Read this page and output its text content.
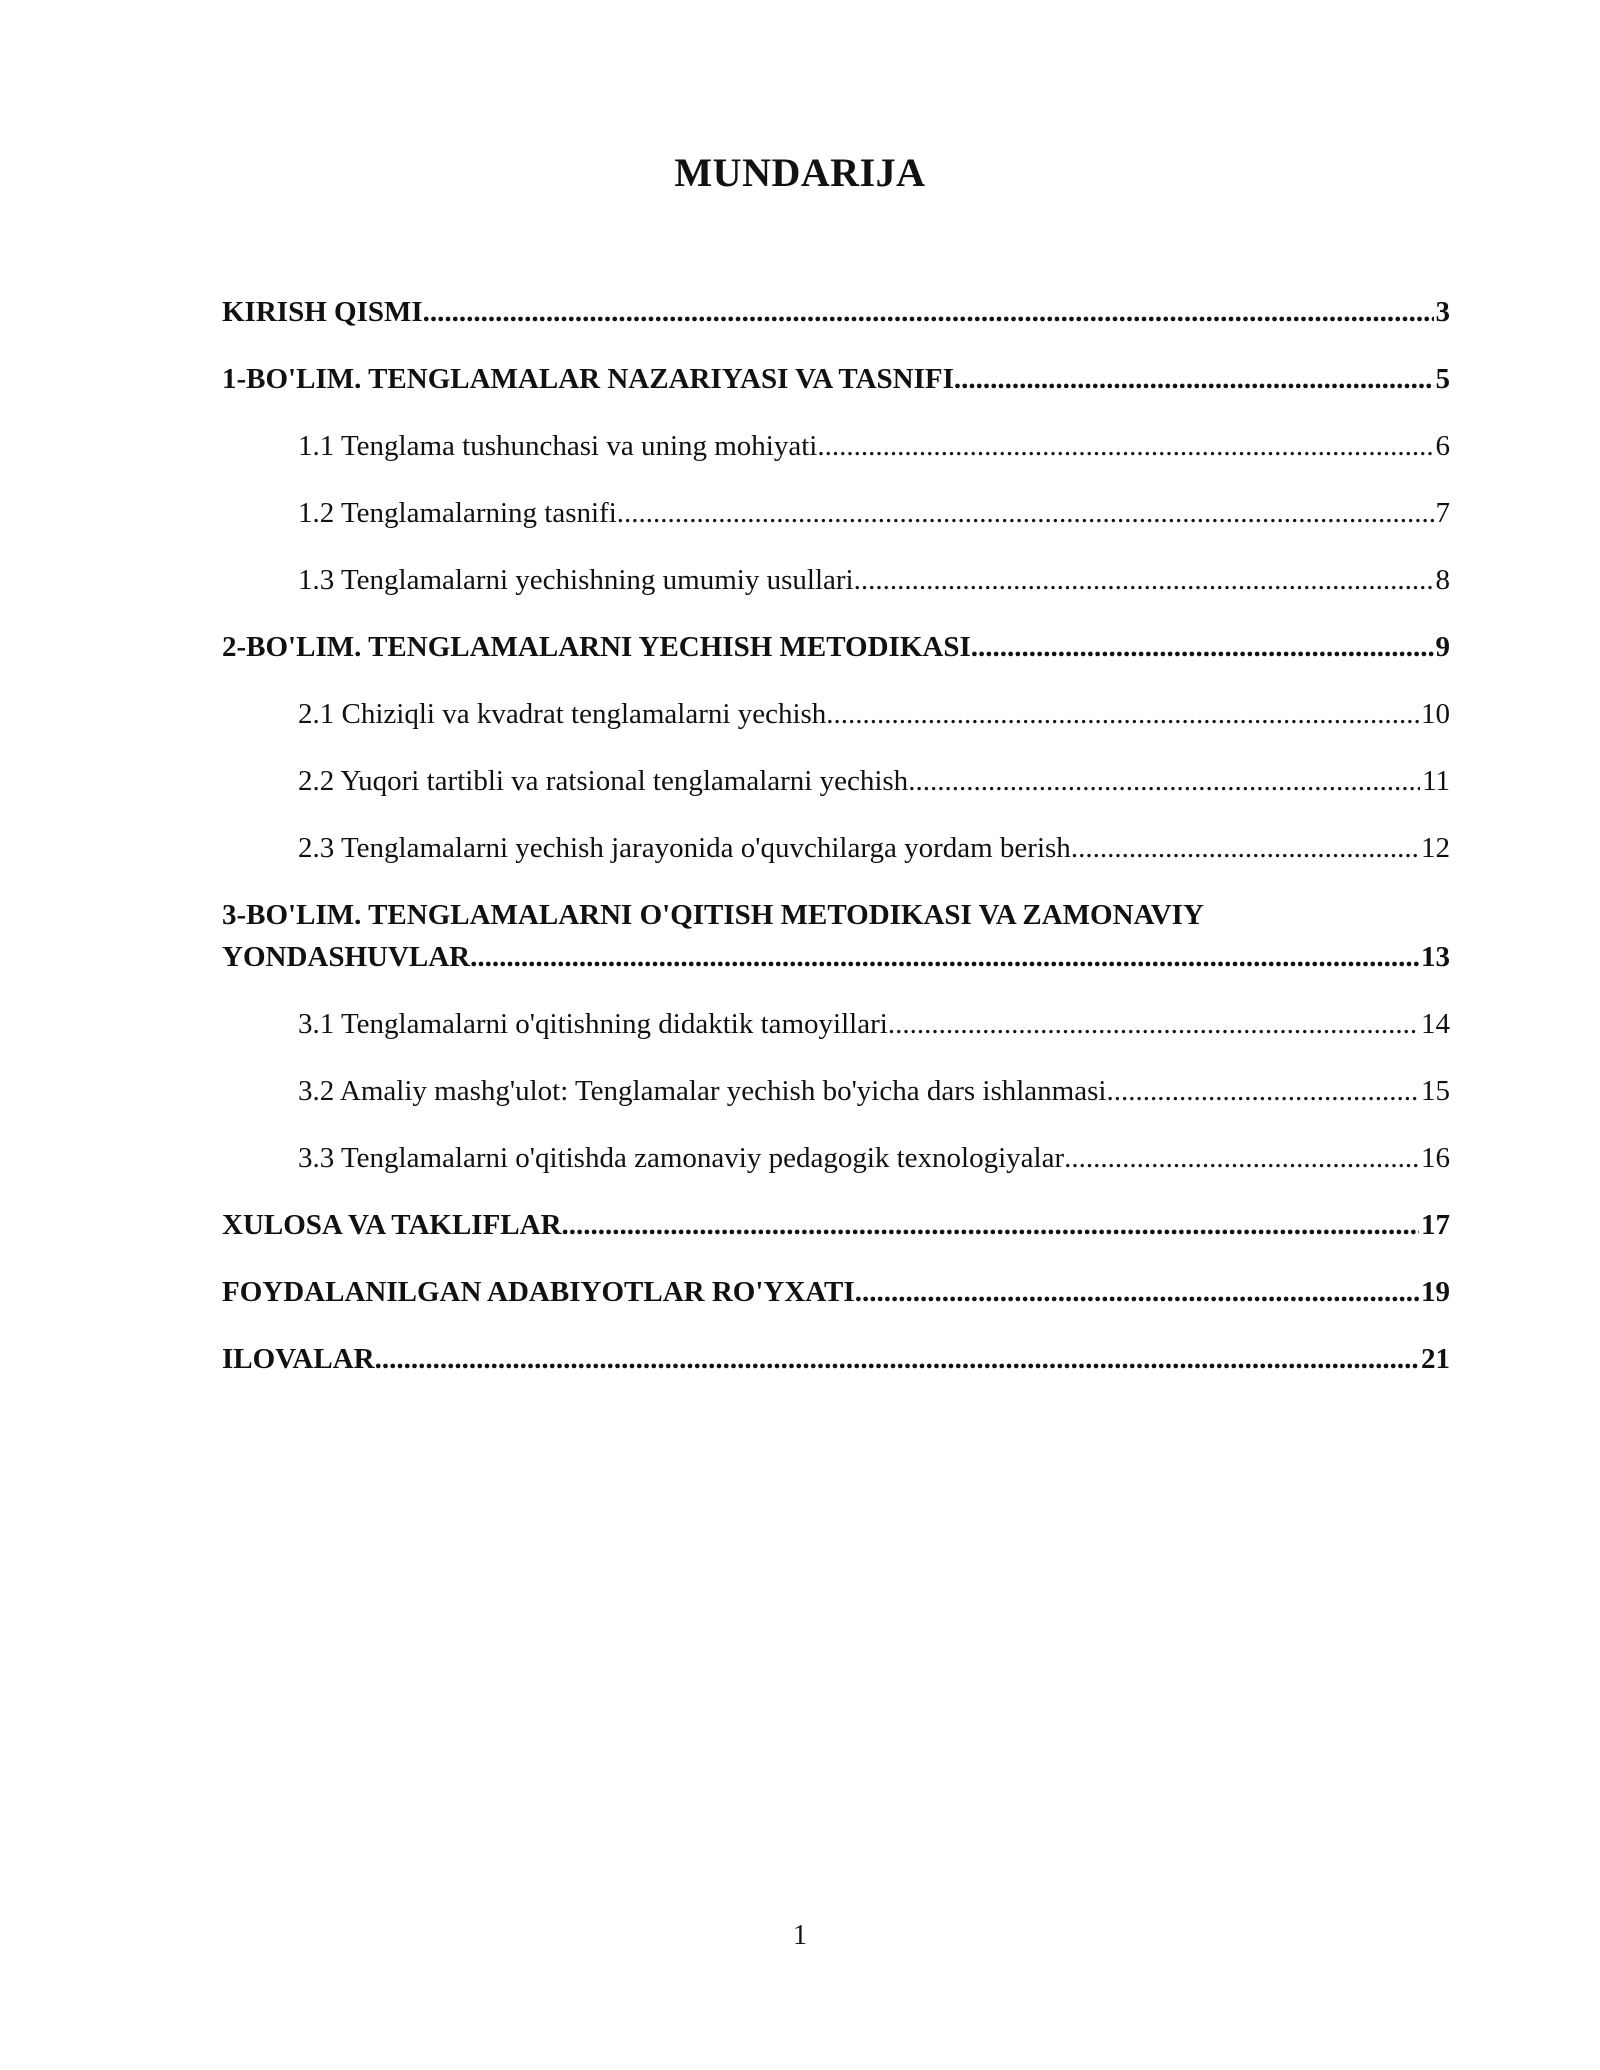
MUNDARIJA
KIRISH QISMI .....	3
1-BO'LIM. TENGLAMALAR NAZARIYASI VA TASNIFI .....	5
1.1 Tenglama tushunchasi va uning mohiyati .....	6
1.2 Tenglamalarning tasnifi .....	7
1.3 Tenglamalarni yechishning umumiy usullari .....	8
2-BO'LIM. TENGLAMALARNI YECHISH METODIKASI .....	9
2.1 Chiziqli va kvadrat tenglamalarni yechish .....	10
2.2 Yuqori tartibli va ratsional tenglamalarni yechish .....	11
2.3 Tenglamalarni yechish jarayonida o'quvchilarga yordam berish .....	12
3-BO'LIM. TENGLAMALARNI O'QITISH METODIKASI VA ZAMONAVIY
YONDASHUVLAR .....	13
3.1 Tenglamalarni o'qitishning didaktik tamoyillari .....	14
3.2 Amaliy mashg'ulot: Tenglamalar yechish bo'yicha dars ishlanmasi .....	15
3.3 Tenglamalarni o'qitishda zamonaviy pedagogik texnologiyalar .....	16
XULOSA VA TAKLIFLAR .....	17
FOYDALANILGAN ADABIYOTLAR RO'YXATI .....	19
ILOVALAR .....	21
1
